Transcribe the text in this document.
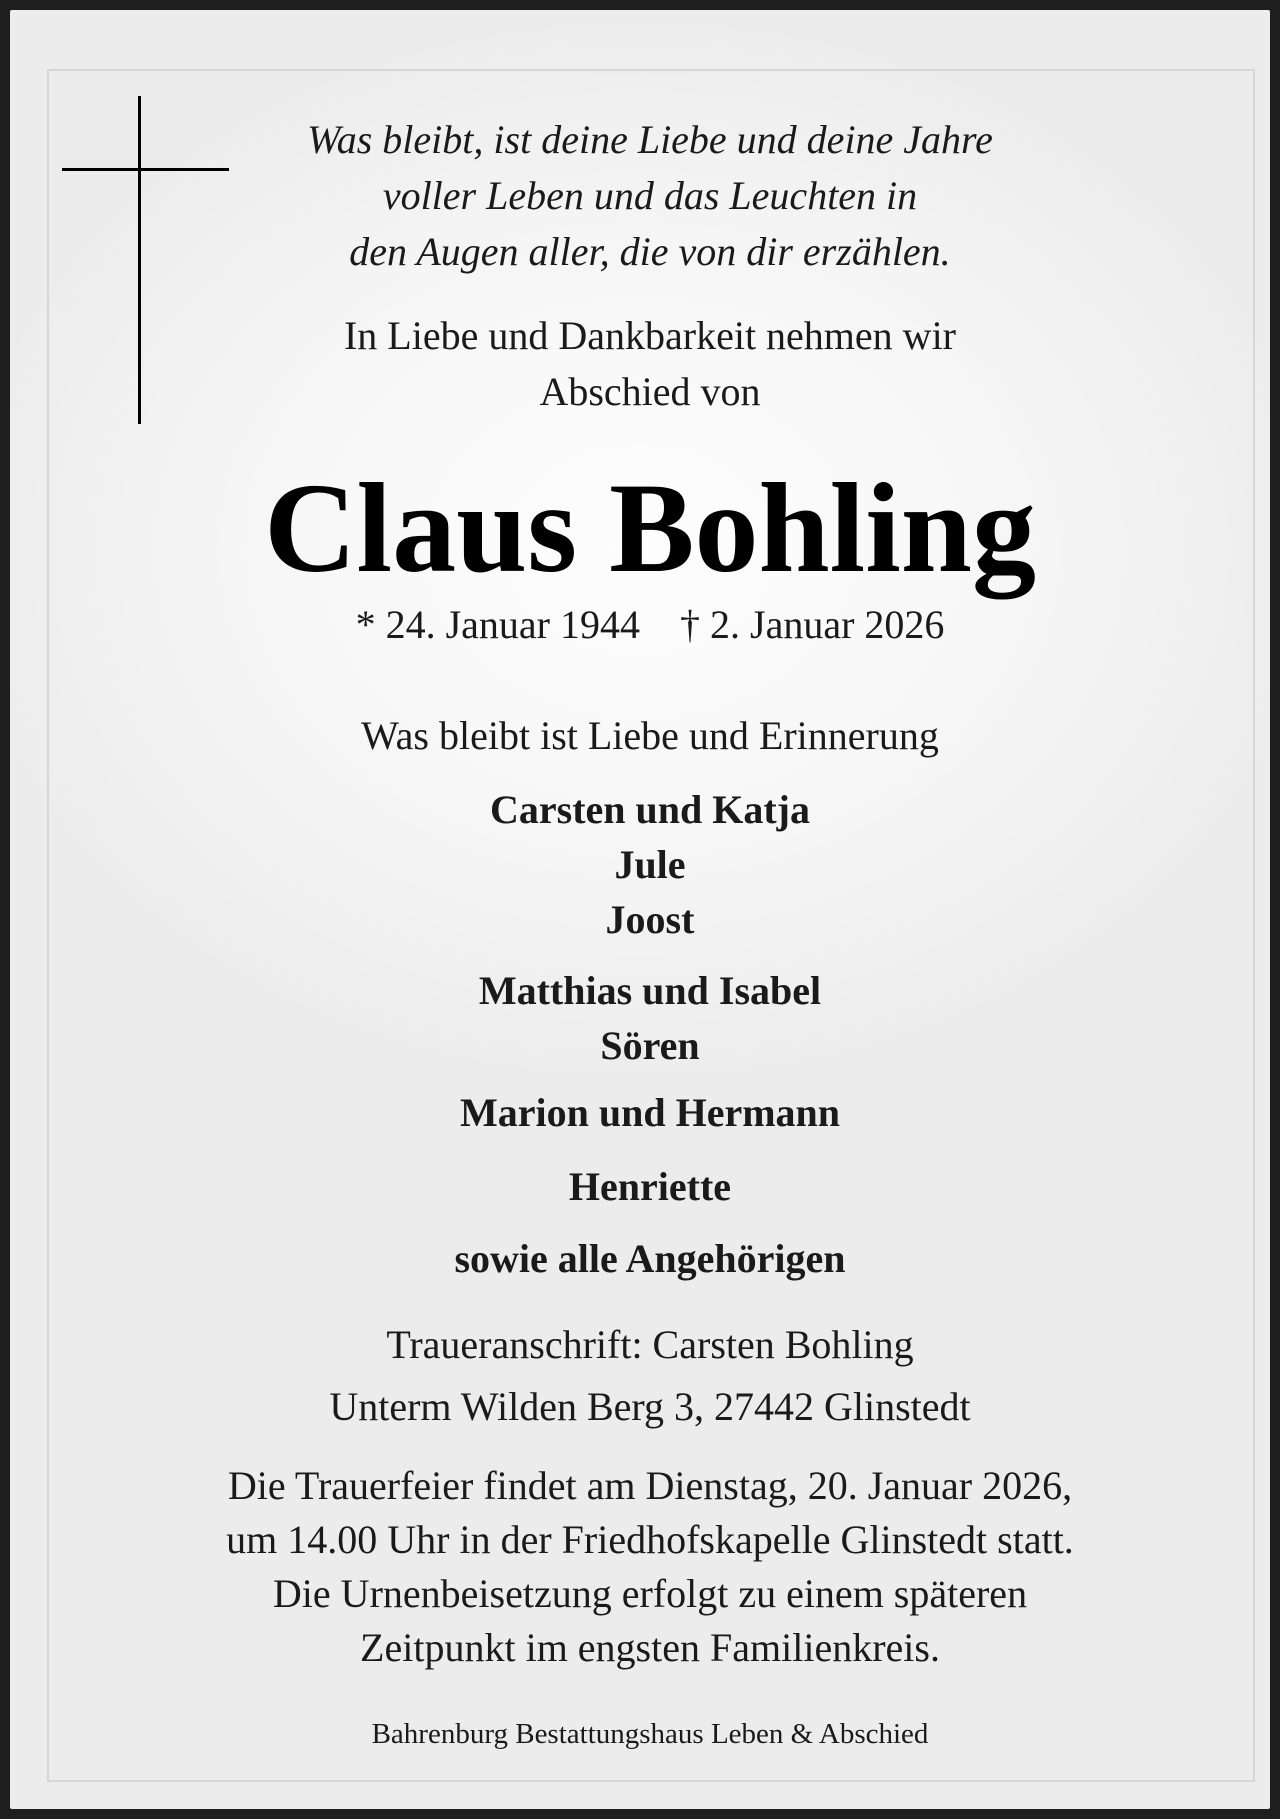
Was bleibt, ist deine Liebe und deine Jahre
voller Leben und das Leuchten in
den Augen aller, die von dir erzählen.

In Liebe und Dankbarkeit nehmen wir
Abschied von

Claus Bohling

* 24. Januar 1944 † 2. Januar 2026

Was bleibt ist Liebe und Erinnerung

Carsten und Katja
Jule
Joost

Matthias und Isabel
Sören

Marion und Hermann

Henriette

sowie alle Angehörigen

Traueranschrift: Carsten Bohling
Unterm Wilden Berg 3, 27442 Glinstedt

Die Trauerfeier findet am Dienstag, 20. Januar 2026,
um 14.00 Uhr in der Friedhofskapelle Glinstedt statt.
Die Urnenbeisetzung erfolgt zu einem späteren
Zeitpunkt im engsten Familienkreis.

Bahrenburg Bestattungshaus Leben & Abschied
